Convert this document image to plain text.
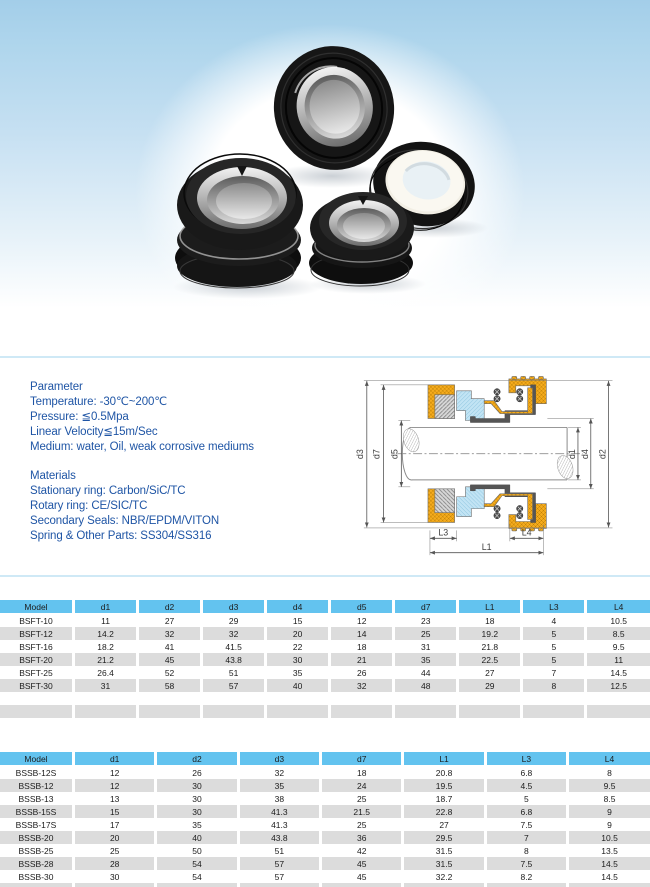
Parameter
Temperature: -30℃~200℃
Pressure: ≦0.5Mpa
Linear Velocity≦15m/Sec
Medium: water, Oil, weak corrosive mediums
Materials
Stationary ring: Carbon/SiC/TC
Rotary ring: CE/SIC/TC
Secondary Seals: NBR/EPDM/VITON
Spring & Other Parts: SS304/SS316
d3 d7 d5	d1 d4 d2
L3	L4
L1
Model	d1	d2	d3	d4	d5	d7	L1	L3	L4
BSFT-10	11	27	29	15	12	23	18	4	10.5
BSFT-12	14.2	32	32	20	14	25	19.2	5	8.5
BSFT-16	18.2	41	41.5	22	18	31	21.8	5	9.5
BSFT-20	21.2	45	43.8	30	21	35	22.5	5	11
BSFT-25	26.4	52	51	35	26	44	27	7	14.5
BSFT-30	31	58	57	40	32	48	29	8	12.5

Model	d1	d2	d3	d7	L1	L3	L4
BSSB-12S	12	26	32	18	20.8	6.8	8
BSSB-12	12	30	35	24	19.5	4.5	9.5
BSSB-13	13	30	38	25	18.7	5	8.5
BSSB-15S	15	30	41.3	21.5	22.8	6.8	9
BSSB-17S	17	35	41.3	25	27	7.5	9
BSSB-20	20	40	43.8	36	29.5	7	10.5
BSSB-25	25	50	51	42	31.5	8	13.5
BSSB-28	28	54	57	45	31.5	7.5	14.5
BSSB-30	30	54	57	45	32.2	8.2	14.5
